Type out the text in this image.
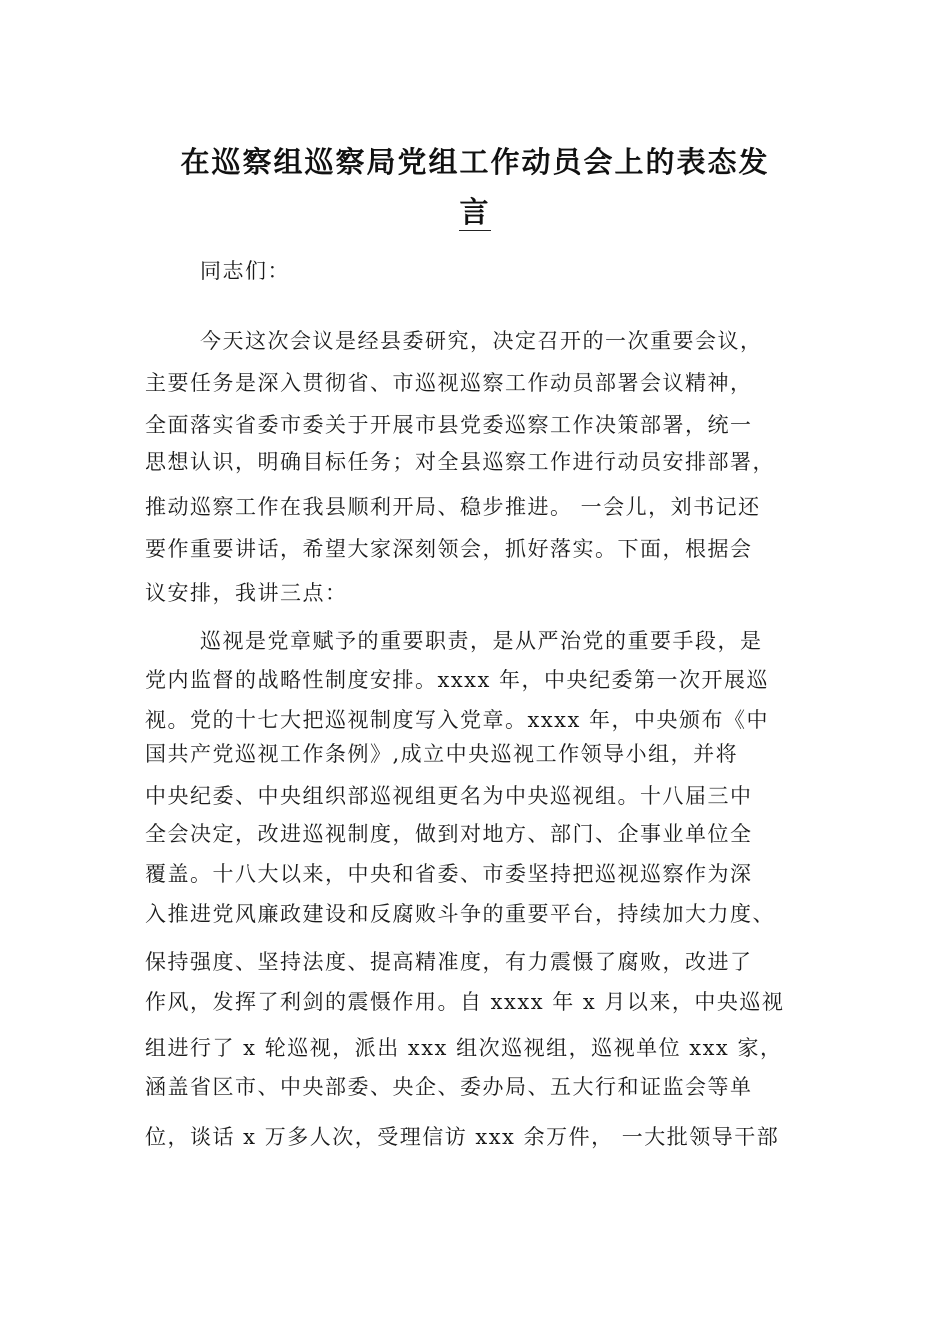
在巡察组巡察局党组工作动员会上的表态发
言
同志们：
今天这次会议是经县委研究，决定召开的一次重要会议，
主要任务是深入贯彻省、市巡视巡察工作动员部署会议精神，
全面落实省委市委关于开展市县党委巡察工作决策部署，统一
思想认识，明确目标任务；对全县巡察工作进行动员安排部署，
推动巡察工作在我县顺利开局、稳步推进。 一会儿，刘书记还
要作重要讲话，希望大家深刻领会，抓好落实。下面，根据会
议安排，我讲三点：
巡视是党章赋予的重要职责，是从严治党的重要手段，是
党内监督的战略性制度安排。xxxx 年，中央纪委第一次开展巡
视。党的十七大把巡视制度写入党章。xxxx 年，中央颁布《中
国共产党巡视工作条例》,成立中央巡视工作领导小组，并将
中央纪委、中央组织部巡视组更名为中央巡视组。十八届三中
全会决定，改进巡视制度，做到对地方、部门、企事业单位全
覆盖。十八大以来，中央和省委、市委坚持把巡视巡察作为深
入推进党风廉政建设和反腐败斗争的重要平台，持续加大力度、
保持强度、坚持法度、提高精准度，有力震慑了腐败，改进了
作风，发挥了利剑的震慑作用。自 xxxx 年 x 月以来，中央巡视
组进行了 x 轮巡视，派出 xxx 组次巡视组，巡视单位 xxx 家，
涵盖省区市、中央部委、央企、委办局、五大行和证监会等单
位，谈话 x 万多人次，受理信访 xxx 余万件， 一大批领导干部
